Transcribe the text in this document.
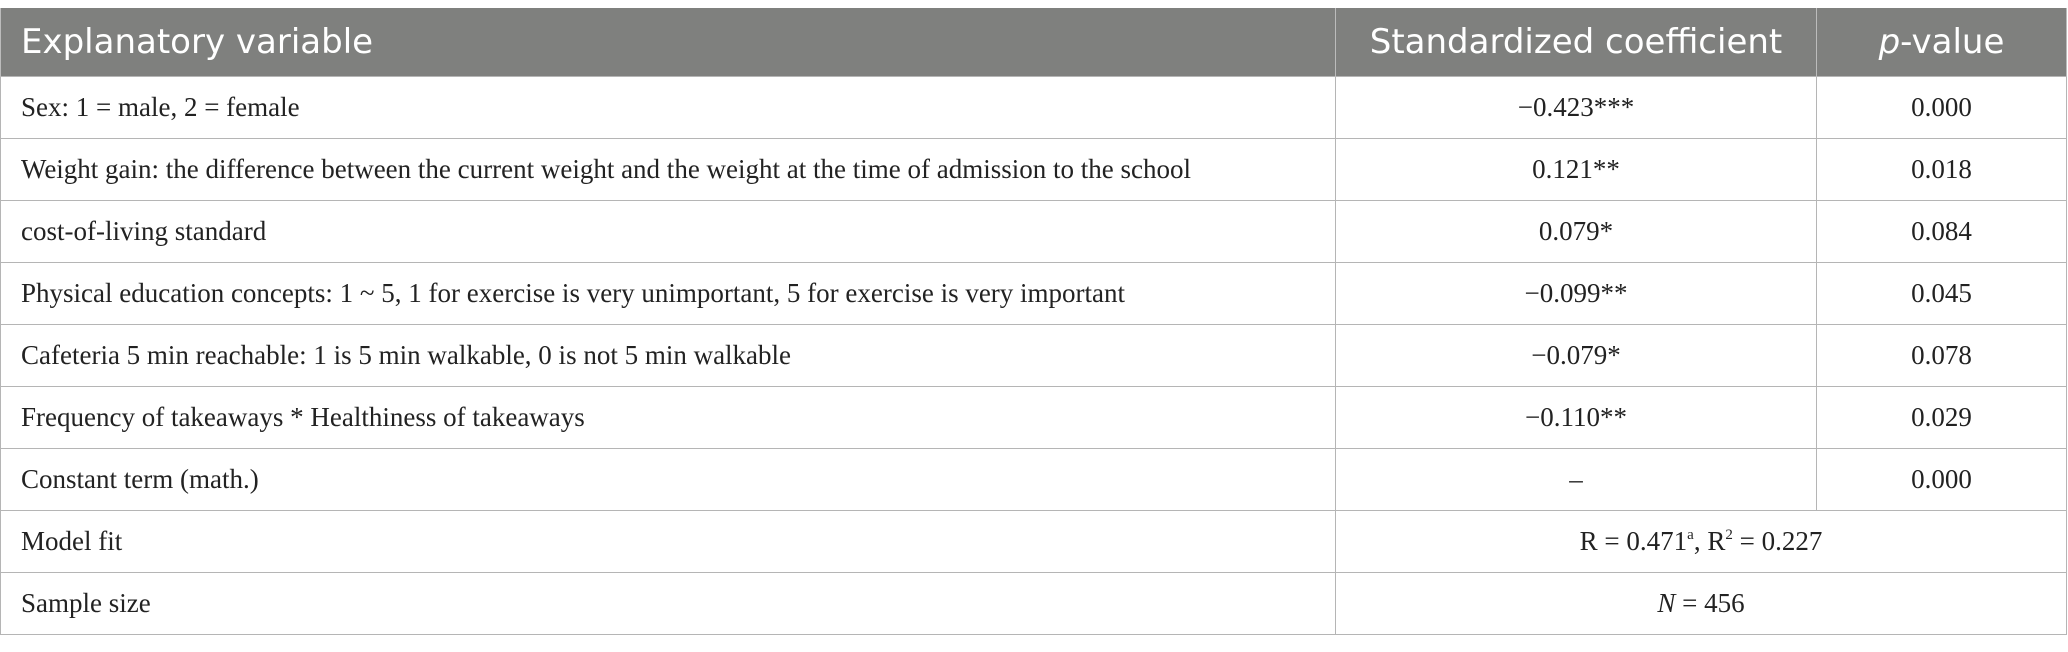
Explanatory variable	Standardized coefficient	p-value
Sex: 1 = male, 2 = female	−0.423***	0.000
Weight gain: the difference between the current weight and the weight at the time of admission to the school	0.121**	0.018
cost-of-living standard	0.079*	0.084
Physical education concepts: 1 ~ 5, 1 for exercise is very unimportant, 5 for exercise is very important	−0.099**	0.045
Cafeteria 5 min reachable: 1 is 5 min walkable, 0 is not 5 min walkable	−0.079*	0.078
Frequency of takeaways * Healthiness of takeaways	−0.110**	0.029
Constant term (math.)	–	0.000
Model fit	R = 0.471$^a$, $R^2 = 0.227$	
Sample size	N = 456	
